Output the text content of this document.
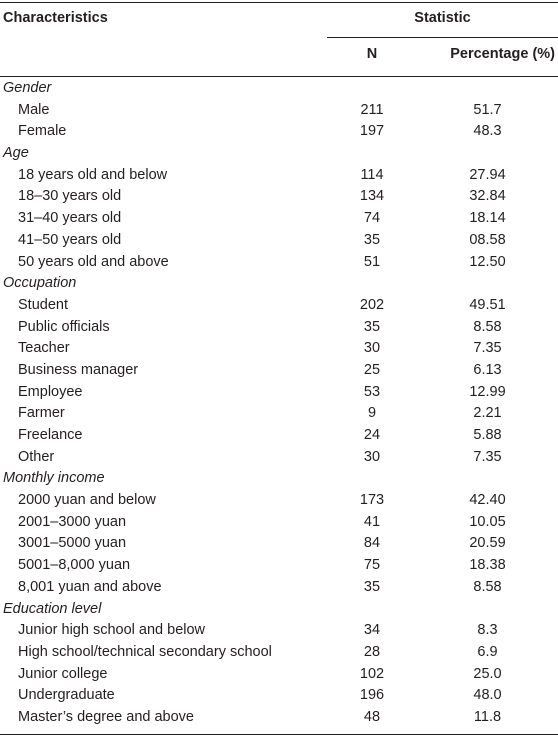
Characteristics	Statistic
N	Percentage (%)
Gender
Male	211	51.7
Female	197	48.3
Age
18 years old and below	114	27.94
18–30 years old	134	32.84
31–40 years old	74	18.14
41–50 years old	35	08.58
50 years old and above	51	12.50
Occupation
Student	202	49.51
Public officials	35	8.58
Teacher	30	7.35
Business manager	25	6.13
Employee	53	12.99
Farmer	9	2.21
Freelance	24	5.88
Other	30	7.35
Monthly income
2000 yuan and below	173	42.40
2001–3000 yuan	41	10.05
3001–5000 yuan	84	20.59
5001–8,000 yuan	75	18.38
8,001 yuan and above	35	8.58
Education level
Junior high school and below	34	8.3
High school/technical secondary school	28	6.9
Junior college	102	25.0
Undergraduate	196	48.0
Master’s degree and above	48	11.8
